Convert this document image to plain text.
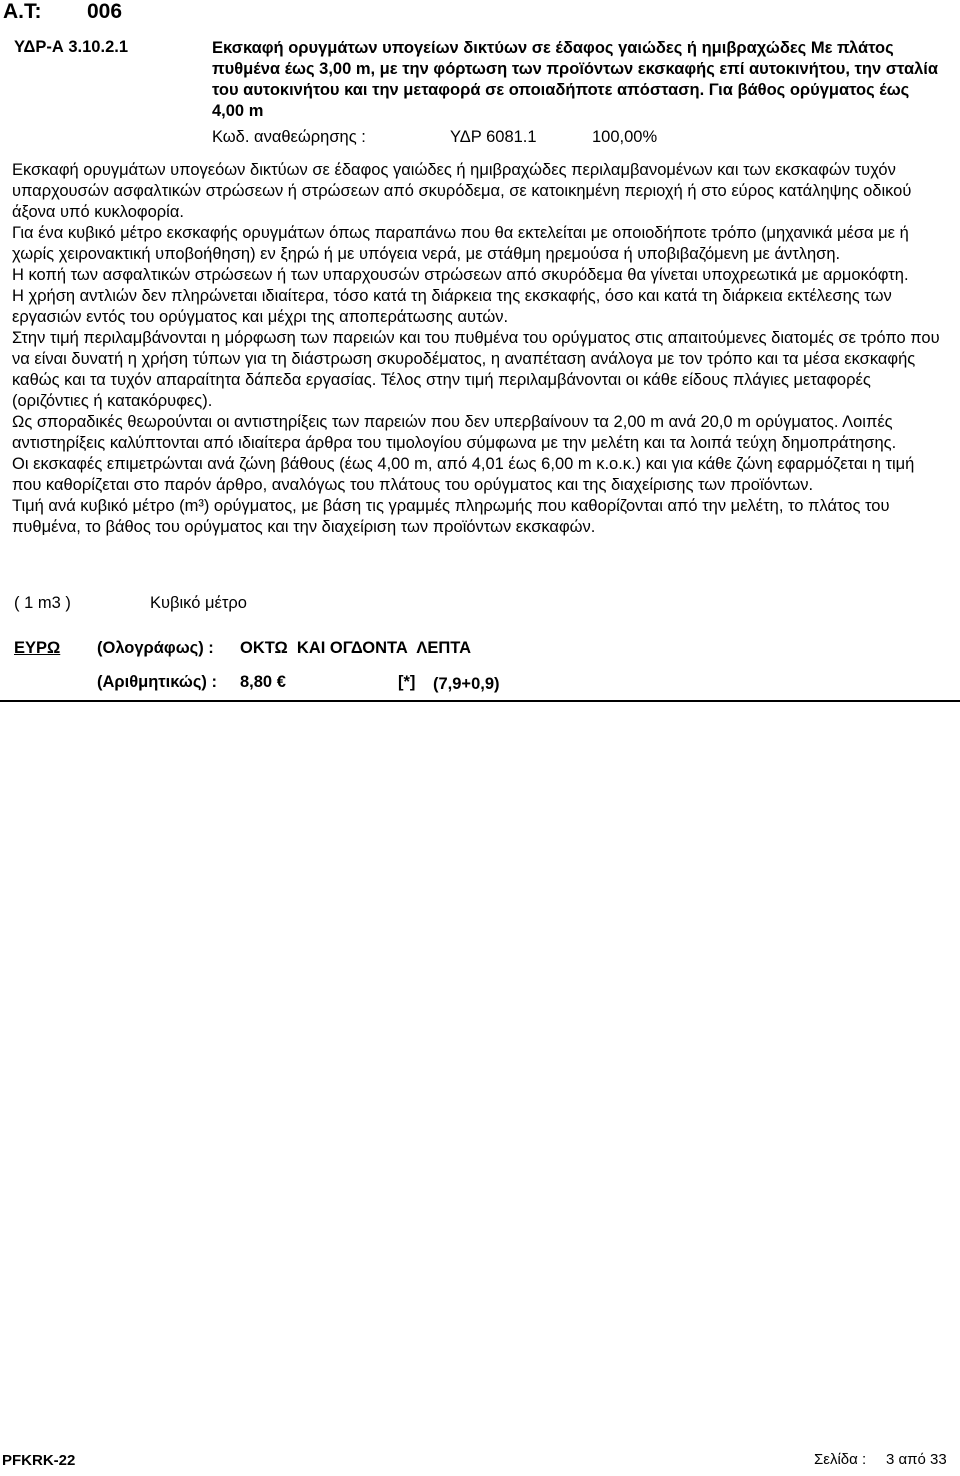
A.T: 006
ΥΔΡ-Α 3.10.2.1	Εκσκαφή ορυγμάτων υπογείων δικτύων σε έδαφος γαιώδες ή ημιβραχώδες Με πλάτος πυθμένα έως 3,00 m, με την φόρτωση των προϊόντων εκσκαφής επί αυτοκινήτου, την σταλία του αυτοκινήτου και την μεταφορά σε οποιαδήποτε απόσταση. Για βάθος ορύγματος έως 4,00 m
Κωδ. αναθεώρησης :	ΥΔΡ 6081.1	100,00%

Εκσκαφή ορυγμάτων υπογεόων δικτύων σε έδαφος γαιώδες ή ημιβραχώδες περιλαμβανομένων και των εκσκαφών τυχόν υπαρχουσών ασφαλτικών στρώσεων ή στρώσεων από σκυρόδεμα, σε κατοικημένη περιοχή ή στο εύρος κατάληψης οδικού άξονα υπό κυκλοφορία.

Για ένα κυβικό μέτρο εκσκαφής ορυγμάτων όπως παραπάνω που θα εκτελείται με οποιοδήποτε τρόπο (μηχανικά μέσα με ή χωρίς χειρονακτική υποβοήθηση) εν ξηρώ ή με υπόγεια νερά, με στάθμη ηρεμούσα ή υποβιβαζόμενη με άντληση.

Η κοπή των ασφαλτικών στρώσεων ή των υπαρχουσών στρώσεων από σκυρόδεμα θα γίνεται υποχρεωτικά με αρμοκόφτη.

Η χρήση αντλιών δεν πληρώνεται ιδιαίτερα, τόσο κατά τη διάρκεια της εκσκαφής, όσο και κατά τη διάρκεια εκτέλεσης των εργασιών εντός του ορύγματος και μέχρι της αποπεράτωσης αυτών.

Στην τιμή περιλαμβάνονται η μόρφωση των παρειών και του πυθμένα του ορύγματος στις απαιτούμενες διατομές σε τρόπο που να είναι δυνατή η χρήση τύπων για τη διάστρωση σκυροδέματος, η αναπέταση ανάλογα με τον τρόπο και τα μέσα εκσκαφής καθώς και τα τυχόν απαραίτητα δάπεδα εργασίας. Τέλος στην τιμή περιλαμβάνονται οι κάθε είδους πλάγιες μεταφορές (οριζόντιες ή κατακόρυφες).

Ως σποραδικές θεωρούνται οι αντιστηρίξεις των παρειών που δεν υπερβαίνουν τα 2,00 m ανά 20,0 m ορύγματος. Λοιπές αντιστηρίξεις καλύπτονται από ιδιαίτερα άρθρα του τιμολογίου σύμφωνα με την μελέτη και τα λοιπά τεύχη δημοπράτησης.

Οι εκσκαφές επιμετρώνται ανά ζώνη βάθους (έως 4,00 m, από 4,01 έως 6,00 m κ.ο.κ.) και για κάθε ζώνη εφαρμόζεται η τιμή που καθορίζεται στο παρόν άρθρο, αναλόγως του πλάτους του ορύγματος και της διαχείρισης των προϊόντων.

Τιμή ανά κυβικό μέτρο (m³) ορύγματος, με βάση τις γραμμές πληρωμής που καθορίζονται από την μελέτη, το πλάτος του πυθμένα, το βάθος του ορύγματος και την διαχείριση των προϊόντων εκσκαφών.

( 1 m3 )	Κυβικό μέτρο
ΕΥΡΩ (Ολογράφως) : ΟΚΤΩ  ΚΑΙ ΟΓΔΟΝΤΑ  ΛΕΠΤΑ
(Αριθμητικώς) : 8,80 €	[*] (7,9+0,9)
PFKRK-22	Σελίδα : 3 από 33
